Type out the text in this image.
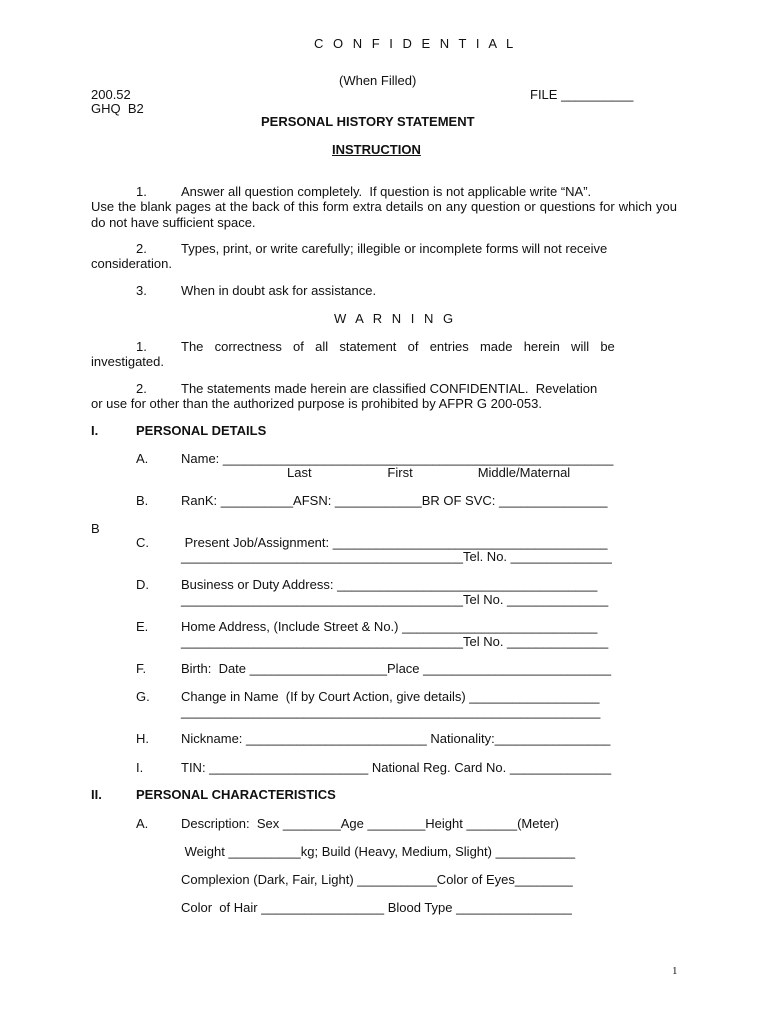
C O N F I D E N T I A L
(When Filled)
200.52
GHQ  B2
FILE __________
PERSONAL HISTORY STATEMENT
INSTRUCTION
1.	Answer all question completely.  If question is not applicable write “NA”.
Use the blank pages at the back of this form extra details on any question or questions for which you do not have sufficient space.
2.	Types, print, or write carefully; illegible or incomplete forms will not receive
consideration.
3.	When in doubt ask for assistance.
W A R N I N G
1.	The  correctness  of  all  statement  of  entries  made  herein  will  be
investigated.
2.	The statements made herein are classified CONFIDENTIAL.  Revelation
or use for other than the authorized purpose is prohibited by AFPR G 200-053.
I.	PERSONAL DETAILS
A.	Name: ______________________________________________________
Last                     First                  Middle/Maternal
B.	RanK: __________AFSN: ____________BR OF SVC: _______________
B
C. Present Job/Assignment: ______________________________________
_______________________________________Tel. No. ______________
D. Business or Duty Address: ____________________________________
_______________________________________Tel No. ______________
E.	Home Address, (Include Street & No.) ___________________________
_______________________________________Tel No. ______________
F.	Birth:  Date ___________________Place __________________________
G. Change in Name  (If by Court Action, give details) __________________
__________________________________________________________
H. Nickname: _________________________ Nationality:________________
I.	TIN: ______________________ National Reg. Card No. ______________
II.	PERSONAL CHARACTERISTICS
A.	Description:  Sex ________Age ________Height _______(Meter)
Weight __________kg; Build (Heavy, Medium, Slight) ___________
Complexion (Dark, Fair, Light) ___________Color of Eyes________
Color  of Hair _________________ Blood Type ________________
1
